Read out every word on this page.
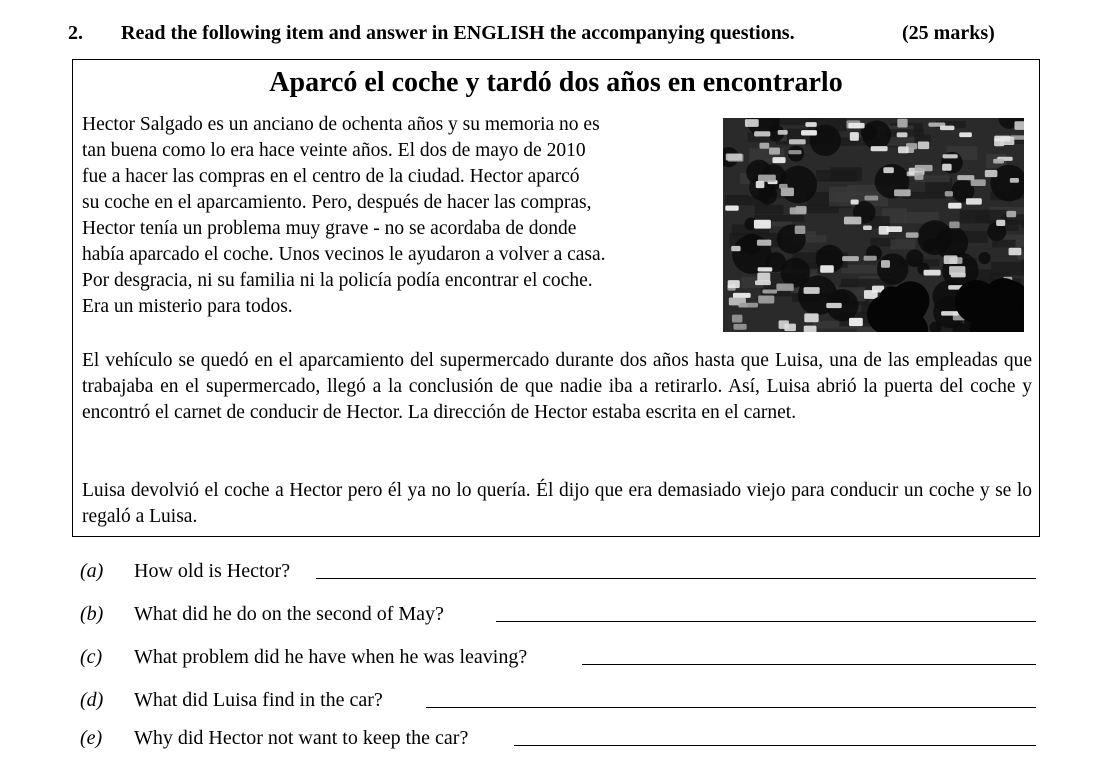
2. Read the following item and answer in ENGLISH the accompanying questions.	(25 marks)
Aparcó el coche y tardó dos años en encontrarlo
Hector Salgado es un anciano de ochenta años y su memoria no es
tan buena como lo era hace veinte años. El dos de mayo de 2010
fue a hacer las compras en el centro de la ciudad. Hector aparcó
su coche en el aparcamiento. Pero, después de hacer las compras,
Hector tenía un problema muy grave - no se acordaba de donde
había aparcado el coche. Unos vecinos le ayudaron a volver a casa.
Por desgracia, ni su familia ni la policía podía encontrar el coche.
Era un misterio para todos.
El vehículo se quedó en el aparcamiento del supermercado durante dos años hasta que Luisa, una de las empleadas que trabajaba en el supermercado, llegó a la conclusión de que nadie iba a retirarlo. Así, Luisa abrió la puerta del coche y encontró el carnet de conducir de Hector. La dirección de Hector estaba escrita en el carnet.
Luisa devolvió el coche a Hector pero él ya no lo quería. Él dijo que era demasiado viejo para conducir un coche y se lo regaló a Luisa.
(a) How old is Hector?
(b) What did he do on the second of May?
(c) What problem did he have when he was leaving?
(d) What did Luisa find in the car?
(e) Why did Hector not want to keep the car?
